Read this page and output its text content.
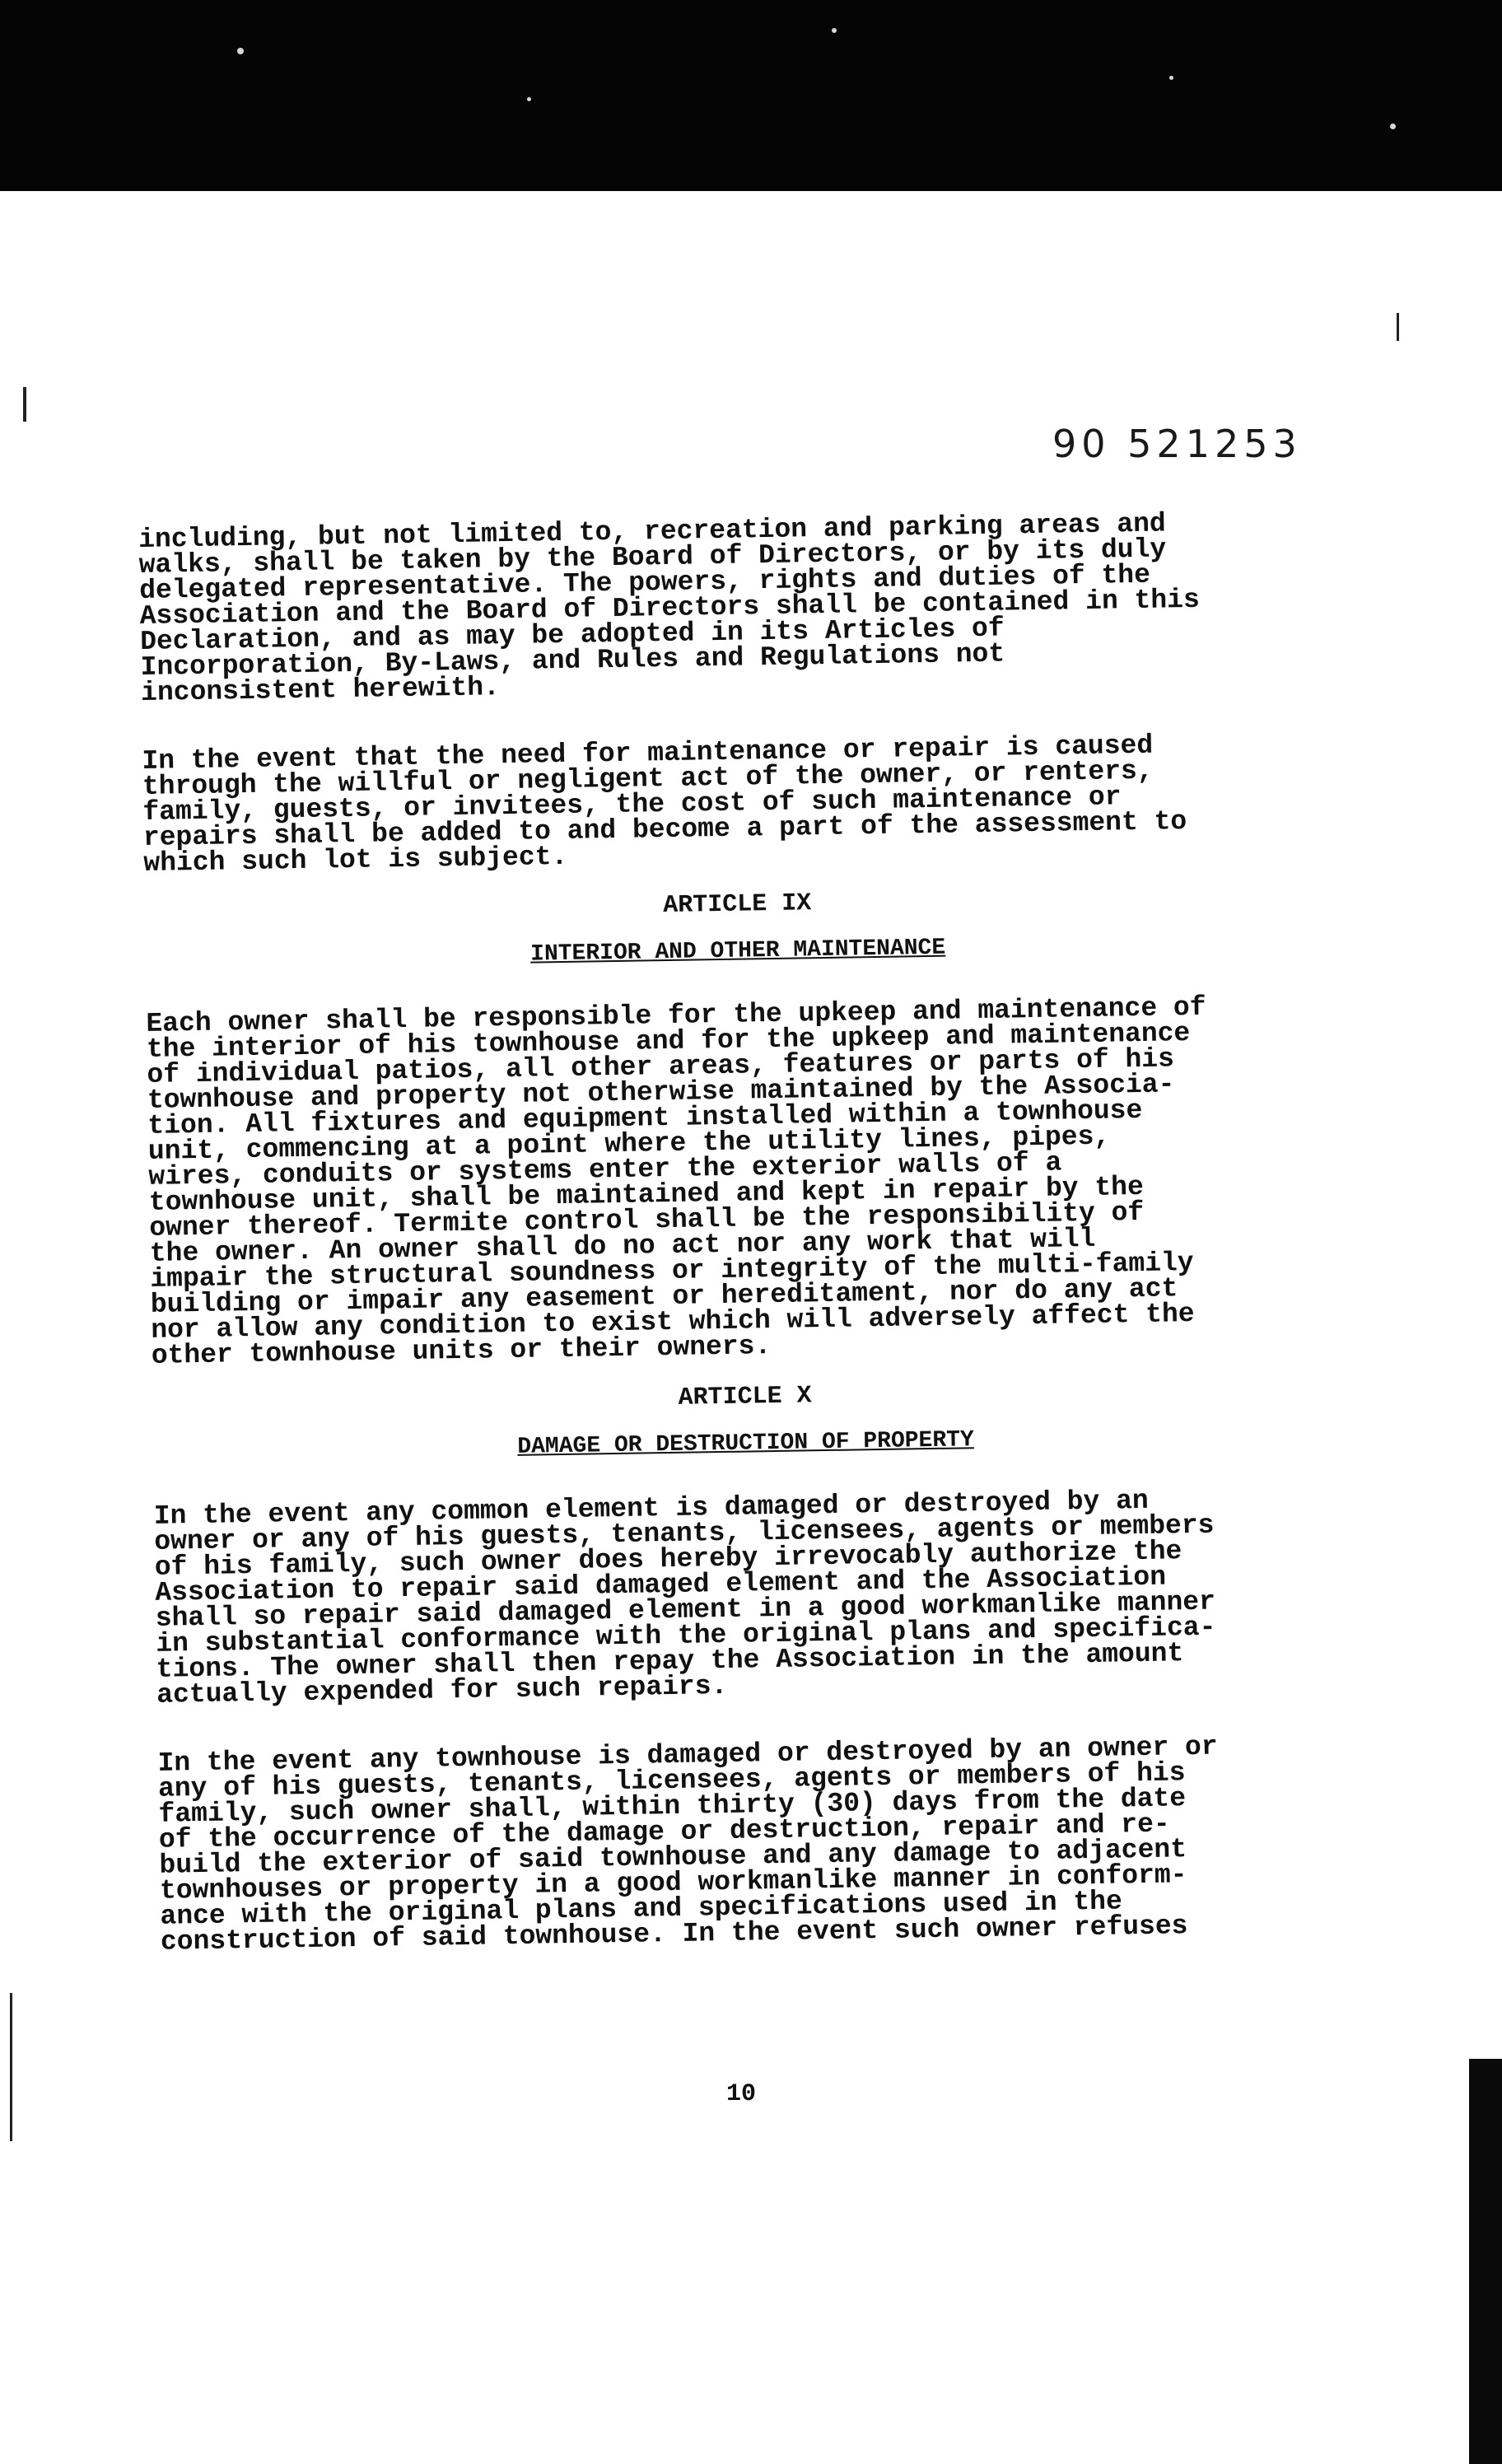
90 521253

including, but not limited to, recreation and parking areas and
walks, shall be taken by the Board of Directors, or by its duly
delegated representative. The powers, rights and duties of the
Association and the Board of Directors shall be contained in this
Declaration, and as may be adopted in its Articles of
Incorporation, By-Laws, and Rules and Regulations not
inconsistent herewith.

In the event that the need for maintenance or repair is caused
through the willful or negligent act of the owner, or renters,
family, guests, or invitees, the cost of such maintenance or
repairs shall be added to and become a part of the assessment to
which such lot is subject.

ARTICLE IX

INTERIOR AND OTHER MAINTENANCE

Each owner shall be responsible for the upkeep and maintenance of
the interior of his townhouse and for the upkeep and maintenance
of individual patios, all other areas, features or parts of his
townhouse and property not otherwise maintained by the Associa-
tion. All fixtures and equipment installed within a townhouse
unit, commencing at a point where the utility lines, pipes,
wires, conduits or systems enter the exterior walls of a
townhouse unit, shall be maintained and kept in repair by the
owner thereof. Termite control shall be the responsibility of
the owner. An owner shall do no act nor any work that will
impair the structural soundness or integrity of the multi-family
building or impair any easement or hereditament, nor do any act
nor allow any condition to exist which will adversely affect the
other townhouse units or their owners.

ARTICLE X

DAMAGE OR DESTRUCTION OF PROPERTY

In the event any common element is damaged or destroyed by an
owner or any of his guests, tenants, licensees, agents or members
of his family, such owner does hereby irrevocably authorize the
Association to repair said damaged element and the Association
shall so repair said damaged element in a good workmanlike manner
in substantial conformance with the original plans and specifica-
tions. The owner shall then repay the Association in the amount
actually expended for such repairs.

In the event any townhouse is damaged or destroyed by an owner or
any of his guests, tenants, licensees, agents or members of his
family, such owner shall, within thirty (30) days from the date
of the occurrence of the damage or destruction, repair and re-
build the exterior of said townhouse and any damage to adjacent
townhouses or property in a good workmanlike manner in conform-
ance with the original plans and specifications used in the
construction of said townhouse. In the event such owner refuses

10
